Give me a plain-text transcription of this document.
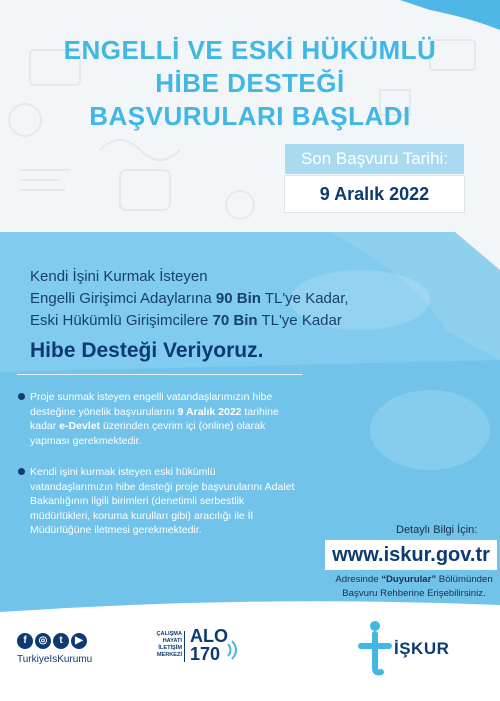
ENGELLİ VE ESKİ HÜKÜMLÜ
HİBE DESTEĞİ
BAŞVURULARI BAŞLADI
Son Başvuru Tarihi:
9 Aralık 2022
Kendi İşini Kurmak İsteyen
Engelli Girişimci Adaylarına 90 Bin TL'ye Kadar,
Eski Hükümlü Girişimcilere 70 Bin TL'ye Kadar
Hibe Desteği Veriyoruz.
Proje sunmak isteyen engelli vatandaşlarımızın hibe desteğine yönelik başvurularını 9 Aralık 2022 tarihine kadar e-Devlet üzerinden çevrim içi (online) olarak yapması gerekmektedir.
Kendi işini kurmak isteyen eski hükümlü vatandaşlarımızın hibe desteği proje başvurularını Adalet Bakanlığının ilgili birimleri (denetimli serbestlik müdürlükleri, koruma kurulları gibi) aracılığı ile İl Müdürlüğüne iletmesi gerekmektedir.	Detaylı Bilgi İçin:
www.iskur.gov.tr
Adresinde “Duyurular” Bölümünden Başvuru Rehberine Erişebilirsiniz.
f	◎	t	▶
TurkiyeIsKurumu
ÇALIŞMA
HAYATI
İLETİŞİM
MERKEZİ
ALO
170	İŞKUR
